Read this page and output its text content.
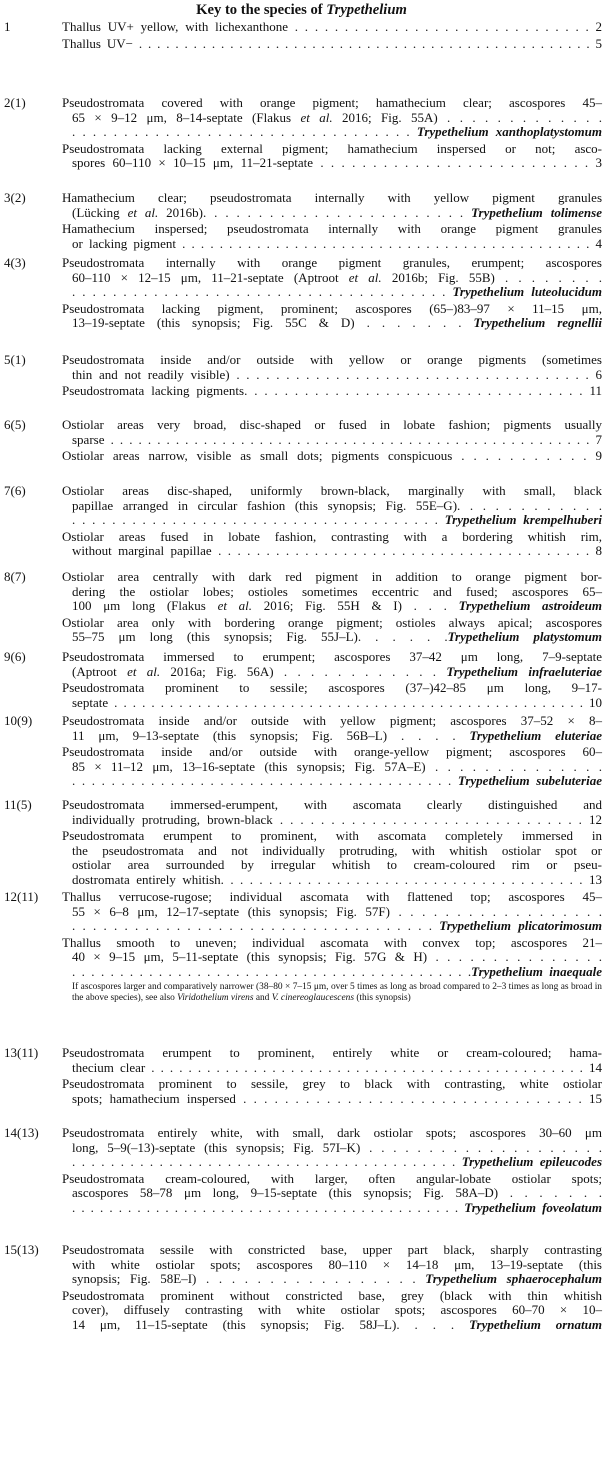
Key to the species of Trypethelium
1	Thallus UV+ yellow, with lichexanthone . . . . . . . . . . . . . . . . . . . . . . . . . . . . . . 2
Thallus UV− . . . . . . . . . . . . . . . . . . . . . . . . . . . . . . . . . . . . . . . . . . . . . . . . . . 5
2(1)	Pseudostromata covered with orange pigment; hamathecium clear; ascospores 45–
65 × 9–12 μm, 8–14-septate (Flakus et al. 2016; Fig. 55A) . . . . . . . . . . . . .
. . . . . . . . . . . . . . . . . . . . . . . . . . . . . . . . . Trypethelium xanthoplatystomum
Pseudostromata lacking external pigment; hamathecium inspersed or not; asco-
spores 60–110 × 10–15 μm, 11–21-septate . . . . . . . . . . . . . . . . . . . . . . . . . . 3
3(2)	Hamathecium clear; pseudostromata internally with yellow pigment granules
(Lücking et al. 2016b). . . . . . . . . . . . . . . . . . . . . . . . Trypethelium tolimense
Hamathecium inspersed; pseudostromata internally with orange pigment granules
or lacking pigment . . . . . . . . . . . . . . . . . . . . . . . . . . . . . . . . . . . . . . . . . . . . 4
4(3)	Pseudostromata internally with orange pigment granules, erumpent; ascospores
60–110 × 12–15 μm, 11–21-septate (Aptroot et al. 2016b; Fig. 55B) . . . . . . . .
. . . . . . . . . . . . . . . . . . . . . . . . . . . . . . . . . . . . . Trypethelium luteolucidum
Pseudostromata lacking pigment, prominent; ascospores (65–)83–97 × 11–15 μm,
13–19-septate (this synopsis; Fig. 55C & D) . . . . . . . Trypethelium regnellii
5(1)	Pseudostromata inside and/or outside with yellow or orange pigments (sometimes
thin and not readily visible) . . . . . . . . . . . . . . . . . . . . . . . . . . . . . . . . . . . . 6
Pseudostromata lacking pigments. . . . . . . . . . . . . . . . . . . . . . . . . . . . . . . . . . 11
6(5)	Ostiolar areas very broad, disc-shaped or fused in lobate fashion; pigments usually
sparse . . . . . . . . . . . . . . . . . . . . . . . . . . . . . . . . . . . . . . . . . . . . . . . . . . . . 7
Ostiolar areas narrow, visible as small dots; pigments conspicuous . . . . . . . . . . . 9
7(6)	Ostiolar areas disc-shaped, uniformly brown-black, marginally with small, black
papillae arranged in circular fashion (this synopsis; Fig. 55E–G). . . . . . . . . . . .
. . . . . . . . . . . . . . . . . . . . . . . . . . . . . . . . . . . . . Trypethelium krempelhuberi
Ostiolar areas fused in lobate fashion, contrasting with a bordering whitish rim,
without marginal papillae . . . . . . . . . . . . . . . . . . . . . . . . . . . . . . . . . . . . . . . 8
8(7)	Ostiolar area centrally with dark red pigment in addition to orange pigment bor-
dering the ostiolar lobes; ostioles sometimes eccentric and fused; ascospores 65–
100 μm long (Flakus et al. 2016; Fig. 55H & I) . . . Trypethelium astroideum
Ostiolar area only with bordering orange pigment; ostioles always apical; ascospores
55–75 μm long (this synopsis; Fig. 55J–L). . . . . .Trypethelium platystomum
9(6)	Pseudostromata immersed to erumpent; ascospores 37–42 μm long, 7–9-septate
(Aptroot et al. 2016a; Fig. 56A) . . . . . . . . . . . . Trypethelium infraeluteriae
Pseudostromata prominent to sessile; ascospores (37–)42–85 μm long, 9–17-
septate . . . . . . . . . . . . . . . . . . . . . . . . . . . . . . . . . . . . . . . . . . . . . . . . . . . 10
10(9) Pseudostromata inside and/or outside with yellow pigment; ascospores 37–52 × 8–
11 μm, 9–13-septate (this synopsis; Fig. 56B–L) . . . . Trypethelium eluteriae
Pseudostromata inside and/or outside with orange-yellow pigment; ascospores 60–
85 × 11–12 μm, 13–16-septate (this synopsis; Fig. 57A–E) . . . . . . . . . . . . . .
. . . . . . . . . . . . . . . . . . . . . . . . . . . . . . . . . . . . . . . Trypethelium subeluteriae
11(5) Pseudostromata immersed-erumpent, with ascomata clearly distinguished and
individually protruding, brown-black . . . . . . . . . . . . . . . . . . . . . . . . . . . . . . 12
Pseudostromata erumpent to prominent, with ascomata completely immersed in
the pseudostromata and not individually protruding, with whitish ostiolar spot or
ostiolar area surrounded by irregular whitish to cream-coloured rim or pseu-
dostromata entirely whitish. . . . . . . . . . . . . . . . . . . . . . . . . . . . . . . . . . . . . . 13
12(11) Thallus verrucose-rugose; individual ascomata with flattened top; ascospores 45–
55 × 6–8 μm, 12–17-septate (this synopsis; Fig. 57F) . . . . . . . . . . . . . . . . . .
. . . . . . . . . . . . . . . . . . . . . . . . . . . . . . . . . . . Trypethelium plicatorimosum
Thallus smooth to uneven; individual ascomata with convex top; ascospores 21–
40 × 9–15 μm, 5–11-septate (this synopsis; Fig. 57G & H) . . . . . . . . . . . . . . .
. . . . . . . . . . . . . . . . . . . . . . . . . . . . . . . . . . . . . . . . . .Trypethelium inaequale
If ascospores larger and comparatively narrower (38–80 × 7–15 μm, over 5 times as long as broad compared to 2–3 times as long as broad in the above species), see also Viridothelium virens and V. cinereoglaucescens (this synopsis)
13(11) Pseudostromata erumpent to prominent, entirely white or cream-coloured; hama-
thecium clear . . . . . . . . . . . . . . . . . . . . . . . . . . . . . . . . . . . . . . . . . . . . . . . 14
Pseudostromata prominent to sessile, grey to black with contrasting, white ostiolar
spots; hamathecium inspersed . . . . . . . . . . . . . . . . . . . . . . . . . . . . . . . . . 15
14(13) Pseudostromata entirely white, with small, dark ostiolar spots; ascospores 30–60 μm
long, 5–9(–13)-septate (this synopsis; Fig. 57I–K) . . . . . . . . . . . . . . . . . . . .
. . . . . . . . . . . . . . . . . . . . . . . . . . . . . . . . . . . . . . . . Trypethelium epileucodes
Pseudostromata cream-coloured, with larger, often angular-lobate ostiolar spots;
ascospores 58–78 μm long, 9–15-septate (this synopsis; Fig. 58A–D) . . . . . . .
. . . . . . . . . . . . . . . . . . . . . . . . . . . . . . . . . . . . . . . . . . Trypethelium foveolatum
15(13) Pseudostromata sessile with constricted base, upper part black, sharply contrasting
with white ostiolar spots; ascospores 80–110 × 14–18 μm, 13–19-septate (this
synopsis; Fig. 58E–I) . . . . . . . . . . . . . . . . . Trypethelium sphaerocephalum
Pseudostromata prominent without constricted base, grey (black with thin whitish
cover), diffusely contrasting with white ostiolar spots; ascospores 60–70 × 10–
14 μm, 11–15-septate (this synopsis; Fig. 58J–L). . . . Trypethelium ornatum
